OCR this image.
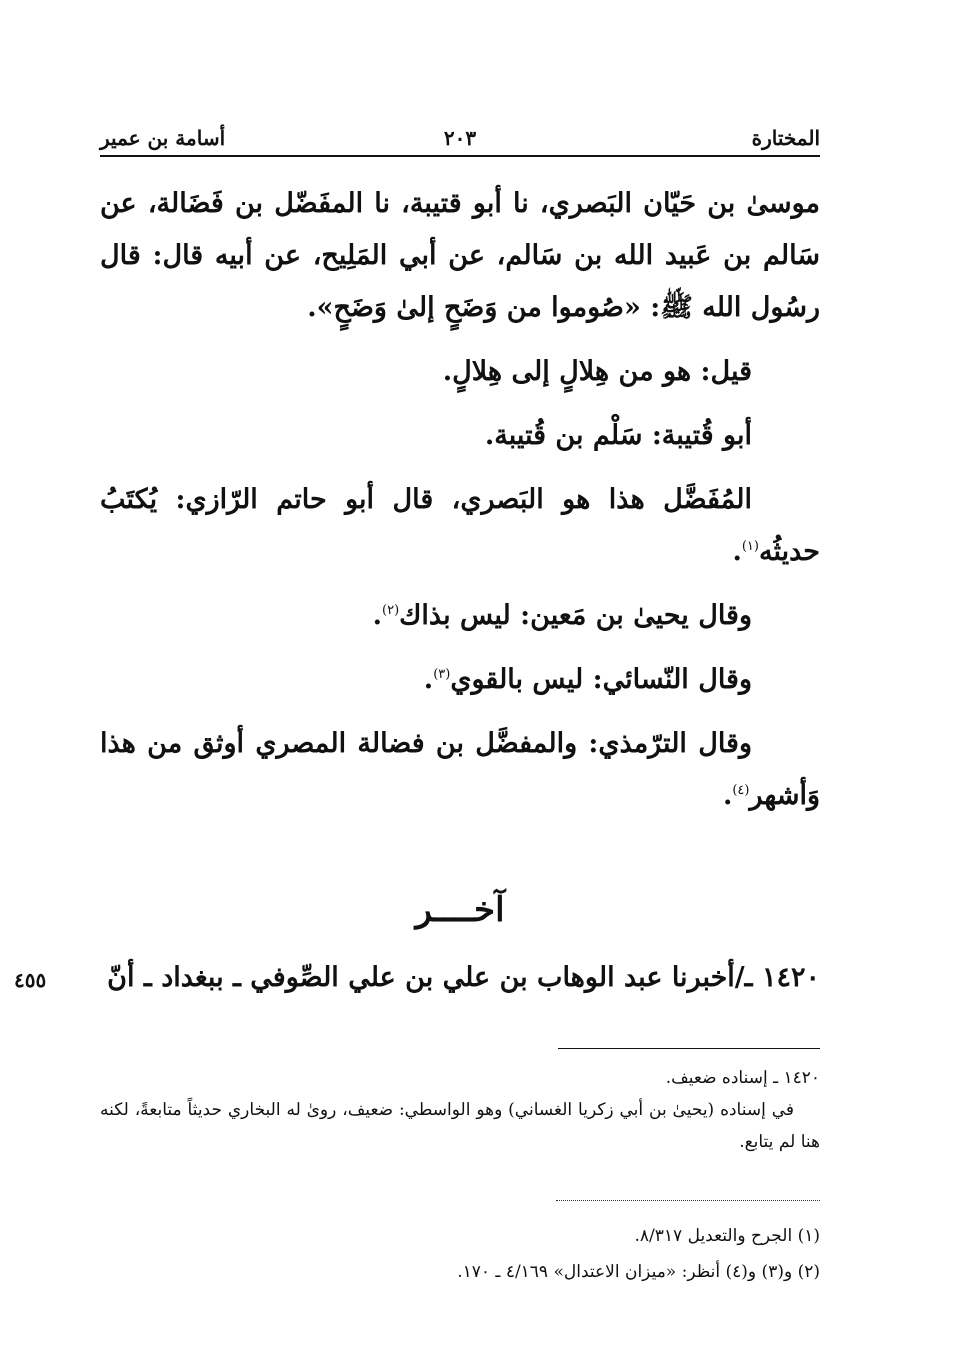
المختارة
٢٠٣
أسامة بن عمير

موسىٰ بن حَيّان البَصري، نا أبو قتيبة، نا المفَضّل بن فَضَالة، عن سَالم بن عَبيد الله بن سَالم، عن أبي المَلِيح، عن أبيه قال: قال رسُول الله ﷺ: «صُوموا من وَضَحٍ إلىٰ وَضَحٍ».

قيل: هو من هِلالٍ إلى هِلالٍ.

أبو قُتيبة: سَلْم بن قُتيبة.

المُفَضَّل هذا هو البَصري، قال أبو حاتم الرّازي: يُكتَبُ حديثُه$^{(١)}$.

وقال يحيىٰ بن مَعين: ليس بذاك$^{(٢)}$.

وقال النّسائي: ليس بالقوي$^{(٣)}$.

وقال الترّمذي: والمفضَّل بن فضالة المصري أوثق من هذا وَأشهر$^{(٤)}$.

آخــــر
١٤٢٠ ـ/أخبرنا عبد الوهاب بن علي بن علي الصِّوفي ـ ببغداد ـ أنّ
٤٥٥

١٤٢٠ ـ إسناده ضعيف.

في إسناده (يحيىٰ بن أبي زكريا الغساني) وهو الواسطي: ضعيف، روىٰ له البخاري حديثاً متابعةً، لكنه هنا لم يتابع.

(١) الجرح والتعديل ٨/٣١٧.

(٢) و(٣) و(٤) أنظر: «ميزان الاعتدال» ٤/١٦٩ ـ ١٧٠.
